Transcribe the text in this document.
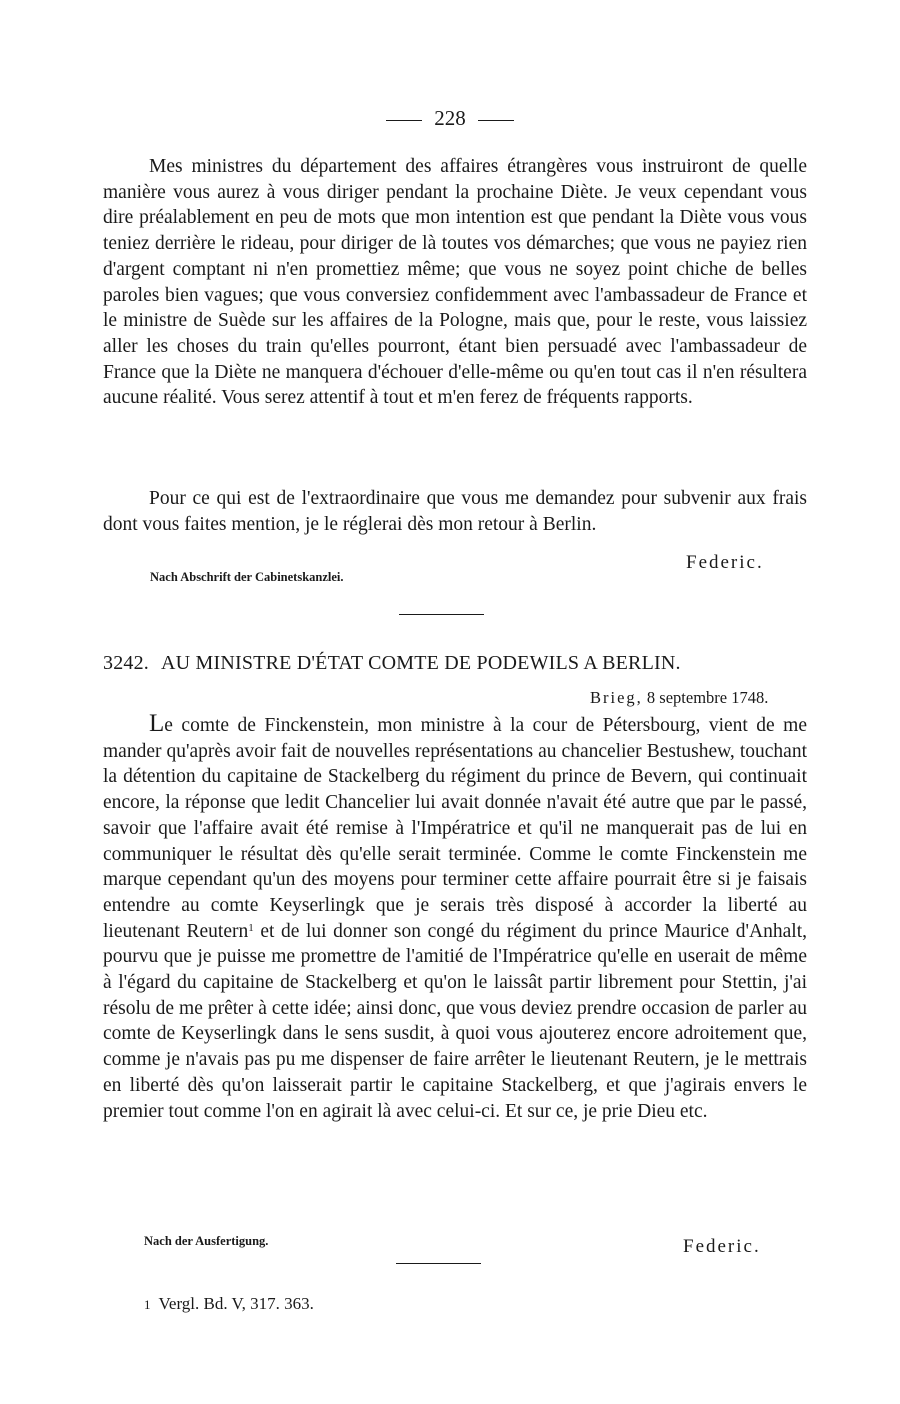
228

Mes ministres du département des affaires étrangères vous instruiront de quelle manière vous aurez à vous diriger pendant la prochaine Diète. Je veux cependant vous dire préalablement en peu de mots que mon intention est que pendant la Diète vous vous teniez derrière le rideau, pour diriger de là toutes vos démarches; que vous ne payiez rien d'argent comptant ni n'en promettiez même; que vous ne soyez point chiche de belles paroles bien vagues; que vous conversiez confidemment avec l'ambassadeur de France et le ministre de Suède sur les affaires de la Pologne, mais que, pour le reste, vous laissiez aller les choses du train qu'elles pourront, étant bien persuadé avec l'ambassadeur de France que la Diète ne manquera d'échouer d'elle-même ou qu'en tout cas il n'en résultera aucune réalité. Vous serez attentif à tout et m'en ferez de fréquents rapports.

Pour ce qui est de l'extraordinaire que vous me demandez pour subvenir aux frais dont vous faites mention, je le réglerai dès mon retour à Berlin.

Federic.
Nach Abschrift der Cabinetskanzlei.
3242. AU MINISTRE D'ÉTAT COMTE DE PODEWILS A BERLIN.
Brieg, 8 septembre 1748.

Le comte de Finckenstein, mon ministre à la cour de Pétersbourg, vient de me mander qu'après avoir fait de nouvelles représentations au chancelier Bestushew, touchant la détention du capitaine de Stackelberg du régiment du prince de Bevern, qui continuait encore, la réponse que ledit Chancelier lui avait donnée n'avait été autre que par le passé, savoir que l'affaire avait été remise à l'Impératrice et qu'il ne manquerait pas de lui en communiquer le résultat dès qu'elle serait terminée. Comme le comte Finckenstein me marque cependant qu'un des moyens pour terminer cette affaire pourrait être si je faisais entendre au comte Keyserlingk que je serais très disposé à accorder la liberté au lieutenant Reutern$^1$ et de lui donner son congé du régiment du prince Maurice d'Anhalt, pourvu que je puisse me promettre de l'amitié de l'Impératrice qu'elle en userait de même à l'égard du capitaine de Stackelberg et qu'on le laissât partir librement pour Stettin, j'ai résolu de me prêter à cette idée; ainsi donc, que vous deviez prendre occasion de parler au comte de Keyserlingk dans le sens susdit, à quoi vous ajouterez encore adroitement que, comme je n'avais pas pu me dispenser de faire arrêter le lieutenant Reutern, je le mettrais en liberté dès qu'on laisserait partir le capitaine Stackelberg, et que j'agirais envers le premier tout comme l'on en agirait là avec celui-ci. Et sur ce, je prie Dieu etc.

Nach der Ausfertigung.	Federic.
1 Vergl. Bd. V, 317. 363.
